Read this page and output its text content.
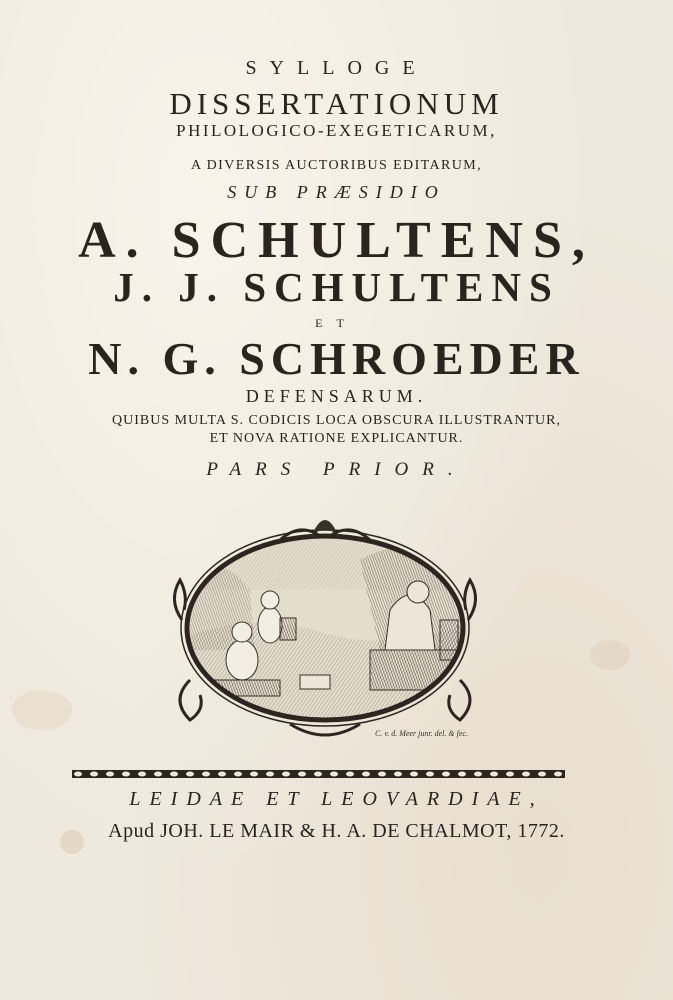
SYLLOGE
DISSERTATIONUM
PHILOLOGICO-EXEGETICARUM,
A DIVERSIS AUCTORIBUS EDITARUM,
SUB PRÆSIDIO
A. SCHULTENS,
J. J. SCHULTENS
ET
N. G. SCHROEDER
DEFENSARUM.
QUIBUS MULTA S. CODICIS LOCA OBSCURA ILLUSTRANTUR,
ET NOVA RATIONE EXPLICANTUR.
PARS PRIOR.
C. v. d. Meer junr. del. & fec.
LEIDAE ET LEOVARDIAE,
Apud JOH. LE MAIR & H. A. DE CHALMOT, 1772.
